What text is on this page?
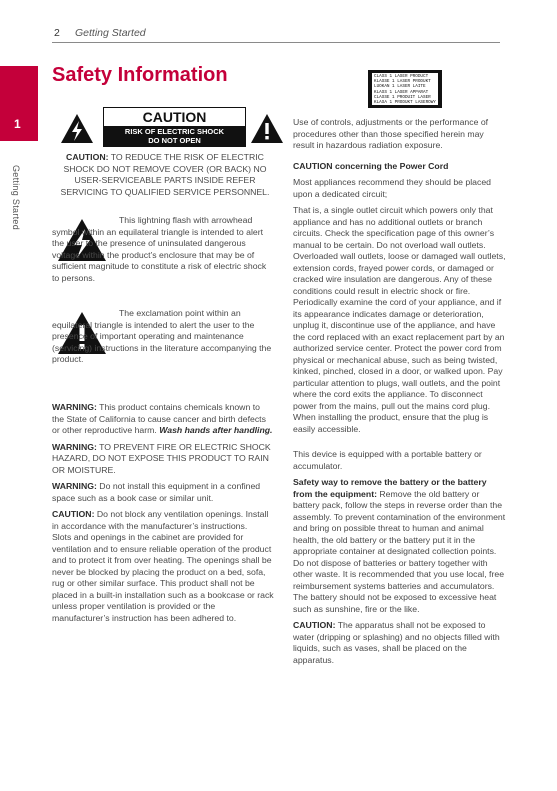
2 Getting Started
1
Getting Started
Safety Information
CAUTION
RISK OF ELECTRIC SHOCK
DO NOT OPEN
CLASS 1 LASER PRODUCT
KLASSE 1 LASER PRODUKT
LUOKAN 1 LASER LAITE
KLASS 1 LASER APPARAT
CLASSE 1 PRODUIT LASER
KLASA 1 PRODUKT LASEROWY

CAUTION: TO REDUCE THE RISK OF ELECTRIC SHOCK DO NOT REMOVE COVER (OR BACK) NO USER-SERVICEABLE PARTS INSIDE REFER SERVICING TO QUALIFIED SERVICE PERSONNEL.

This lightning flash with arrowhead symbol within an equilateral triangle is intended to alert the user to the presence of uninsulated dangerous voltage within the product’s enclosure that may be of sufficient magnitude to constitute a risk of electric shock to persons.
The exclamation point within an equilateral triangle is intended to alert the user to the presence of important operating and maintenance (servicing) instructions in the literature accompanying the product.

WARNING: This product contains chemicals known to the State of California to cause cancer and birth defects or other reproductive harm. Wash hands after handling.

WARNING: TO PREVENT FIRE OR ELECTRIC SHOCK HAZARD, DO NOT EXPOSE THIS PRODUCT TO RAIN OR MOISTURE.

WARNING: Do not install this equipment in a confined space such as a book case or similar unit.

CAUTION: Do not block any ventilation openings. Install in accordance with the manufacturer’s instructions.

Slots and openings in the cabinet are provided for ventilation and to ensure reliable operation of the product and to protect it from over heating. The openings shall be never be blocked by placing the product on a bed, sofa, rug or other similar surface. This product shall not be placed in a built-in installation such as a bookcase or rack unless proper ventilation is provided or the manufacturer’s instruction has been adhered to.

Use of controls, adjustments or the performance of procedures other than those specified herein may result in hazardous radiation exposure.

CAUTION concerning the Power Cord

Most appliances recommend they should be placed upon a dedicated circuit;

That is, a single outlet circuit which powers only that appliance and has no additional outlets or branch circuits. Check the specification page of this owner’s manual to be certain. Do not overload wall outlets. Overloaded wall outlets, loose or damaged wall outlets, extension cords, frayed power cords, or damaged or cracked wire insulation are dangerous. Any of these conditions could result in electric shock or fire. Periodically examine the cord of your appliance, and if its appearance indicates damage or deterioration, unplug it, discontinue use of the appliance, and have the cord replaced with an exact replacement part by an authorized service center. Protect the power cord from physical or mechanical abuse, such as being twisted, kinked, pinched, closed in a door, or walked upon. Pay particular attention to plugs, wall outlets, and the point where the cord exits the appliance. To disconnect power from the mains, pull out the mains cord plug. When installing the product, ensure that the plug is easily accessible.

This device is equipped with a portable battery or accumulator.

Safety way to remove the battery or the battery from the equipment: Remove the old battery or battery pack, follow the steps in reverse order than the assembly. To prevent contamination of the environment and bring on possible threat to human and animal health, the old battery or the battery put it in the appropriate container at designated collection points. Do not dispose of batteries or battery together with other waste. It is recommended that you use local, free reimbursement systems batteries and accumulators. The battery should not be exposed to excessive heat such as sunshine, fire or the like.

CAUTION: The apparatus shall not be exposed to water (dripping or splashing) and no objects filled with liquids, such as vases, shall be placed on the apparatus.
